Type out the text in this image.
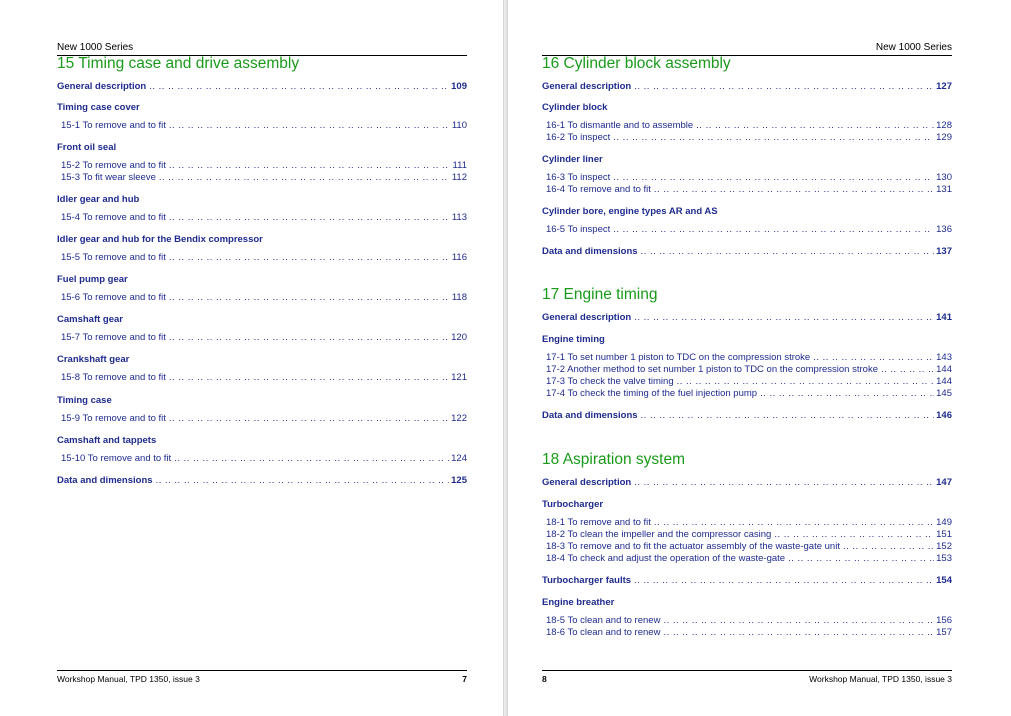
New 1000 Series
15 Timing case and drive assembly
General description .. ..	109
Timing case cover
15-1 To remove and to fit .. ..	110
Front oil seal
15-2 To remove and to fit .. ..	111
15-3 To fit wear sleeve .. ..	112
Idler gear and hub
15-4 To remove and to fit .. ..	113
Idler gear and hub for the Bendix compressor
15-5 To remove and to fit .. ..	116
Fuel pump gear
15-6 To remove and to fit .. ..	118
Camshaft gear
15-7 To remove and to fit .. ..	120
Crankshaft gear
15-8 To remove and to fit .. ..	121
Timing case
15-9 To remove and to fit .. ..	122
Camshaft and tappets
15-10 To remove and to fit .. ..	124
Data and dimensions .. ..	125
Workshop Manual, TPD 1350, issue 3	7
New 1000 Series
16 Cylinder block assembly
General description .. ..	127
Cylinder block
16-1 To dismantle and to assemble .. ..	128
16-2 To inspect .. ..	129
Cylinder liner
16-3 To inspect .. ..	130
16-4 To remove and to fit .. ..	131
Cylinder bore, engine types AR and AS
16-5 To inspect .. ..	136
Data and dimensions .. ..	137
17 Engine timing
General description .. ..	141
Engine timing
17-1 To set number 1 piston to TDC on the compression stroke .. ..	143
17-2 Another method to set number 1 piston to TDC on the compression stroke .. ..	144
17-3 To check the valve timing .. ..	144
17-4 To check the timing of the fuel injection pump .. ..	145
Data and dimensions .. ..	146
18 Aspiration system
General description .. ..	147
Turbocharger
18-1 To remove and to fit .. ..	149
18-2 To clean the impeller and the compressor casing .. ..	151
18-3 To remove and to fit the actuator assembly of the waste-gate unit .. ..	152
18-4 To check and adjust the operation of the waste-gate .. ..	153
Turbocharger faults .. ..	154
Engine breather
18-5 To clean and to renew .. ..	156
18-6 To clean and to renew .. ..	157
8	Workshop Manual, TPD 1350, issue 3
